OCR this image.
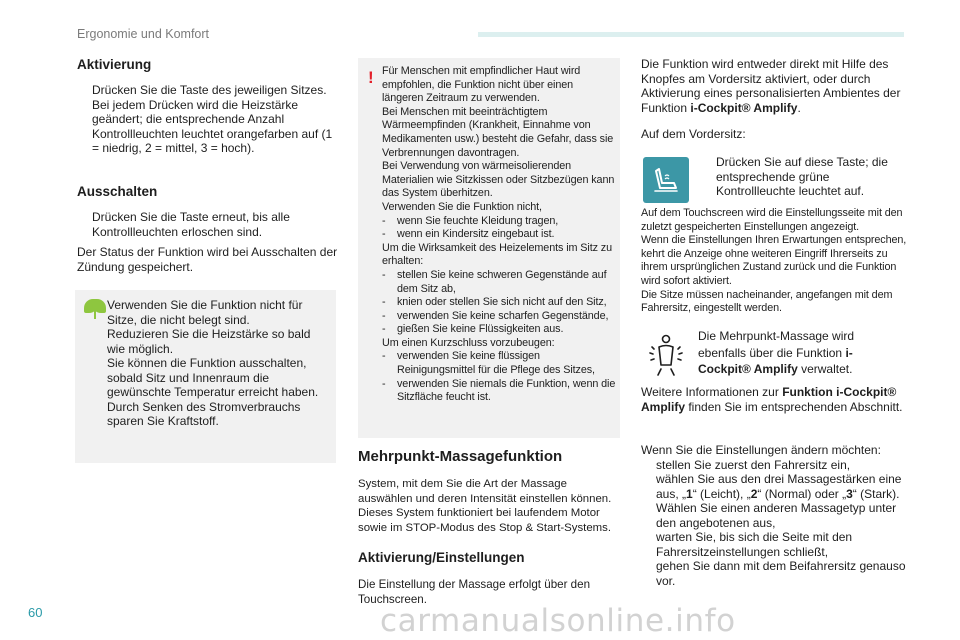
Ergonomie und Komfort
Aktivierung
Drücken Sie die Taste des jeweiligen Sitzes.
Bei jedem Drücken wird die Heizstärke geändert; die entsprechende Anzahl Kontrollleuchten leuchtet orangefarben auf (1 = niedrig, 2 = mittel, 3 = hoch).
Ausschalten
Drücken Sie die Taste erneut, bis alle Kontrollleuchten erloschen sind.
Der Status der Funktion wird bei Ausschalten der Zündung gespeichert.
Verwenden Sie die Funktion nicht für Sitze, die nicht belegt sind.
Reduzieren Sie die Heizstärke so bald wie möglich.
Sie können die Funktion ausschalten, sobald Sitz und Innenraum die gewünschte Temperatur erreicht haben.
Durch Senken des Stromverbrauchs sparen Sie Kraftstoff.
! Für Menschen mit empfindlicher Haut wird empfohlen, die Funktion nicht über einen längeren Zeitraum zu verwenden.
Bei Menschen mit beeinträchtigtem Wärmeempfinden (Krankheit, Einnahme von Medikamenten usw.) besteht die Gefahr, dass sie Verbrennungen davontragen.
Bei Verwendung von wärmeisolierenden Materialien wie Sitzkissen oder Sitzbezügen kann das System überhitzen.
Verwenden Sie die Funktion nicht,
- wenn Sie feuchte Kleidung tragen,
- wenn ein Kindersitz eingebaut ist.
Um die Wirksamkeit des Heizelements im Sitz zu erhalten:
- stellen Sie keine schweren Gegenstände auf dem Sitz ab,
- knien oder stellen Sie sich nicht auf den Sitz,
- verwenden Sie keine scharfen Gegenstände,
- gießen Sie keine Flüssigkeiten aus.
Um einen Kurzschluss vorzubeugen:
- verwenden Sie keine flüssigen Reinigungsmittel für die Pflege des Sitzes,
- verwenden Sie niemals die Funktion, wenn die Sitzfläche feucht ist.
Mehrpunkt-Massagefunktion
System, mit dem Sie die Art der Massage auswählen und deren Intensität einstellen können. Dieses System funktioniert bei laufendem Motor sowie im STOP-Modus des Stop & Start-Systems.
Aktivierung/Einstellungen
Die Einstellung der Massage erfolgt über den Touchscreen.
Die Funktion wird entweder direkt mit Hilfe des Knopfes am Vordersitz aktiviert, oder durch Aktivierung eines personalisierten Ambientes der Funktion i-Cockpit® Amplify.
Auf dem Vordersitz:
Drücken Sie auf diese Taste; die entsprechende grüne Kontrollleuchte leuchtet auf.
Auf dem Touchscreen wird die Einstellungsseite mit den zuletzt gespeicherten Einstellungen angezeigt.
Wenn die Einstellungen Ihren Erwartungen entsprechen, kehrt die Anzeige ohne weiteren Eingriff Ihrerseits zu ihrem ursprünglichen Zustand zurück und die Funktion wird sofort aktiviert.
Die Sitze müssen nacheinander, angefangen mit dem Fahrersitz, eingestellt werden.
Die Mehrpunkt-Massage wird ebenfalls über die Funktion i-Cockpit® Amplify verwaltet.
Weitere Informationen zur Funktion i-Cockpit® Amplify finden Sie im entsprechenden Abschnitt.
Wenn Sie die Einstellungen ändern möchten:
stellen Sie zuerst den Fahrersitz ein,
wählen Sie aus den drei Massagestärken eine aus, „1“ (Leicht), „2“ (Normal) oder „3“ (Stark).
Wählen Sie einen anderen Massagetyp unter den angebotenen aus,
warten Sie, bis sich die Seite mit den Fahrersitzeinstellungen schließt,
gehen Sie dann mit dem Beifahrersitz genauso vor.
60	carmanualsonline.info
